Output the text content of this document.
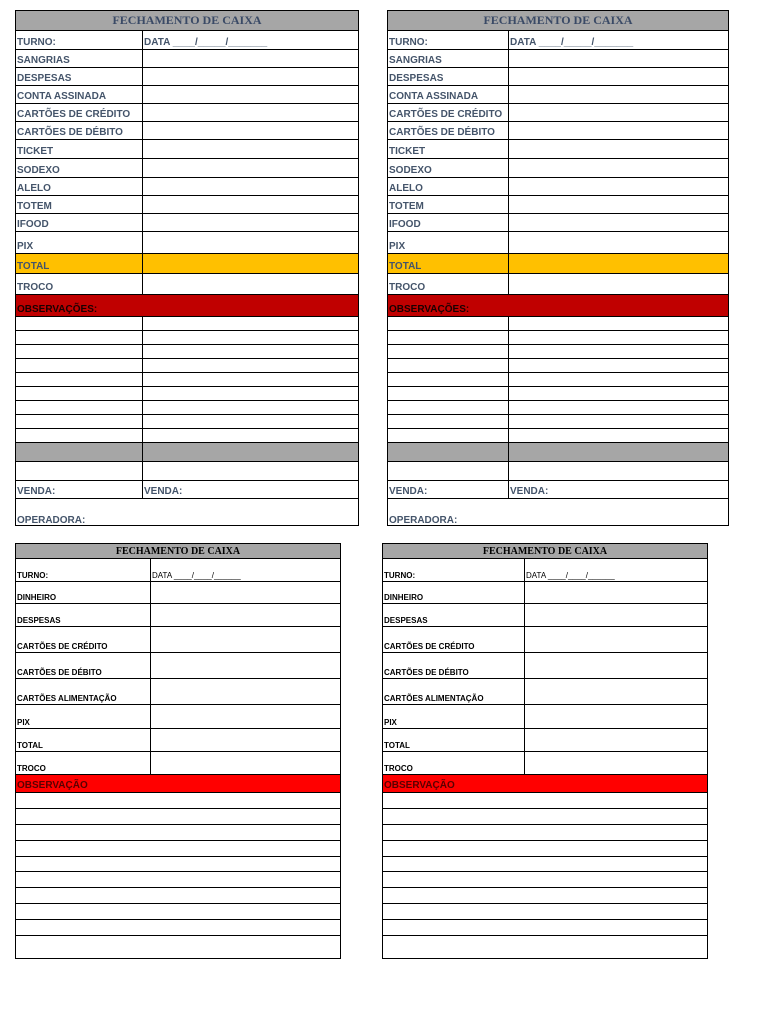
FECHAMENTO DE CAIXA
TURNO:	DATA ____/_____/_______
SANGRIAS
DESPESAS
CONTA ASSINADA
CARTÕES DE CRÉDITO
CARTÕES DE DÉBITO
TICKET
SODEXO
ALELO
TOTEM
IFOOD
PIX
TOTAL
TROCO
OBSERVAÇÕES:
VENDA:	VENDA:
OPERADORA:
FECHAMENTO DE CAIXA
TURNO:	DATA ____/_____/_______
SANGRIAS
DESPESAS
CONTA ASSINADA
CARTÕES DE CRÉDITO
CARTÕES DE DÉBITO
TICKET
SODEXO
ALELO
TOTEM
IFOOD
PIX
TOTAL
TROCO
OBSERVAÇÕES:
VENDA:	VENDA:
OPERADORA:
FECHAMENTO DE CAIXA
TURNO:	DATA ____/____/______
DINHEIRO
DESPESAS
CARTÕES DE CRÉDITO
CARTÕES DE DÉBITO
CARTÕES ALIMENTAÇÃO
PIX
TOTAL
TROCO
OBSERVAÇÃO
FECHAMENTO DE CAIXA
TURNO:	DATA ____/____/______
DINHEIRO
DESPESAS
CARTÕES DE CRÉDITO
CARTÕES DE DÉBITO
CARTÕES ALIMENTAÇÃO
PIX
TOTAL
TROCO
OBSERVAÇÃO
